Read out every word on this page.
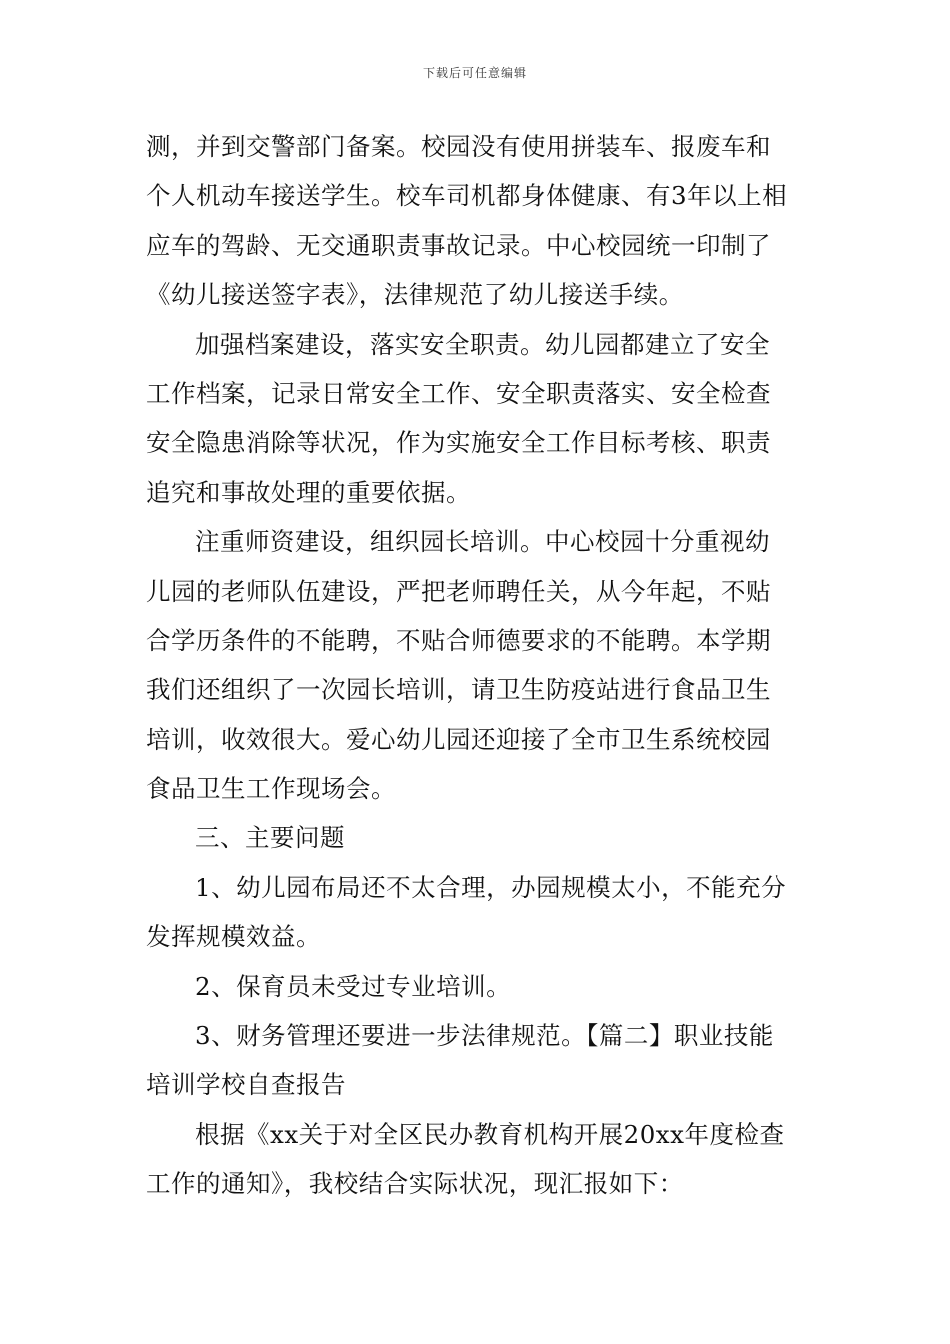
下载后可任意编辑

测，并到交警部门备案。校园没有使用拼装车、报废车和
个人机动车接送学生。校车司机都身体健康、有3年以上相
应车的驾龄、无交通职责事故记录。中心校园统一印制了
《幼儿接送签字表》，法律规范了幼儿接送手续。

加强档案建设，落实安全职责。幼儿园都建立了安全
工作档案，记录日常安全工作、安全职责落实、安全检查
安全隐患消除等状况，作为实施安全工作目标考核、职责
追究和事故处理的重要依据。

注重师资建设，组织园长培训。中心校园十分重视幼
儿园的老师队伍建设，严把老师聘任关，从今年起，不贴
合学历条件的不能聘，不贴合师德要求的不能聘。本学期
我们还组织了一次园长培训，请卫生防疫站进行食品卫生
培训，收效很大。爱心幼儿园还迎接了全市卫生系统校园
食品卫生工作现场会。

三、主要问题

1、幼儿园布局还不太合理，办园规模太小，不能充分
发挥规模效益。

2、保育员未受过专业培训。

3、财务管理还要进一步法律规范。【篇二】职业技能
培训学校自查报告

根据《xx关于对全区民办教育机构开展20xx年度检查
工作的通知》，我校结合实际状况，现汇报如下：
